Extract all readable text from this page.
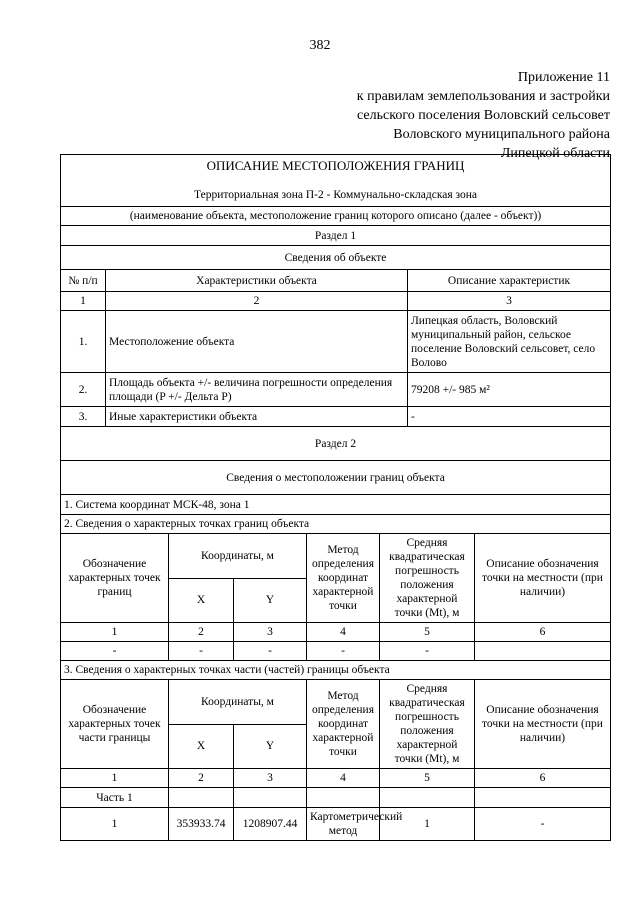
382
Приложение 11
к правилам землепользования и застройки
сельского поселения Воловский сельсовет
Воловского муниципального района
Липецкой области
ОПИСАНИЕ МЕСТОПОЛОЖЕНИЯ ГРАНИЦ
Территориальная зона П-2 - Коммунально-складская зона							

(наименование объекта, местоположение границ которого описано (далее - объект))							
Раздел 1							
Сведения об объекте							
№ п/п	Характеристики объекта					Описание характеристик	
1	2					3	
1.	Местоположение объекта					Липецкая область, Воловский муниципальный район, сельское поселение Воловский сельсовет, село Волово	
2.	Площадь объекта +/- величина погрешности определения площади (P +/- Дельта P)					79208 +/- 985 м²	
3.	Иные характеристики объекта					-	
Раздел 2							
Сведения о местоположении границ объекта							
1. Система координат МСК-48, зона 1							
2. Сведения о характерных точках границ объекта							
Обозначение характерных точек границ		Координаты, м		Метод определения координат характерной точки	Средняя квадратическая погрешность положения характерной точки (Mt), м		Описание обозначения точки на местности (при наличии)
		X	Y				
1		2	3	4	5		6
-		-	-	-	-		
3. Сведения о характерных точках части (частей) границы объекта							
Обозначение характерных точек части границы		Координаты, м		Метод определения координат характерной точки	Средняя квадратическая погрешность положения характерной точки (Mt), м		Описание обозначения точки на местности (при наличии)
		X	Y				
1		2	3	4	5		6
Часть 1							
1		353933.74	1208907.44	Картометрический метод	1		-
